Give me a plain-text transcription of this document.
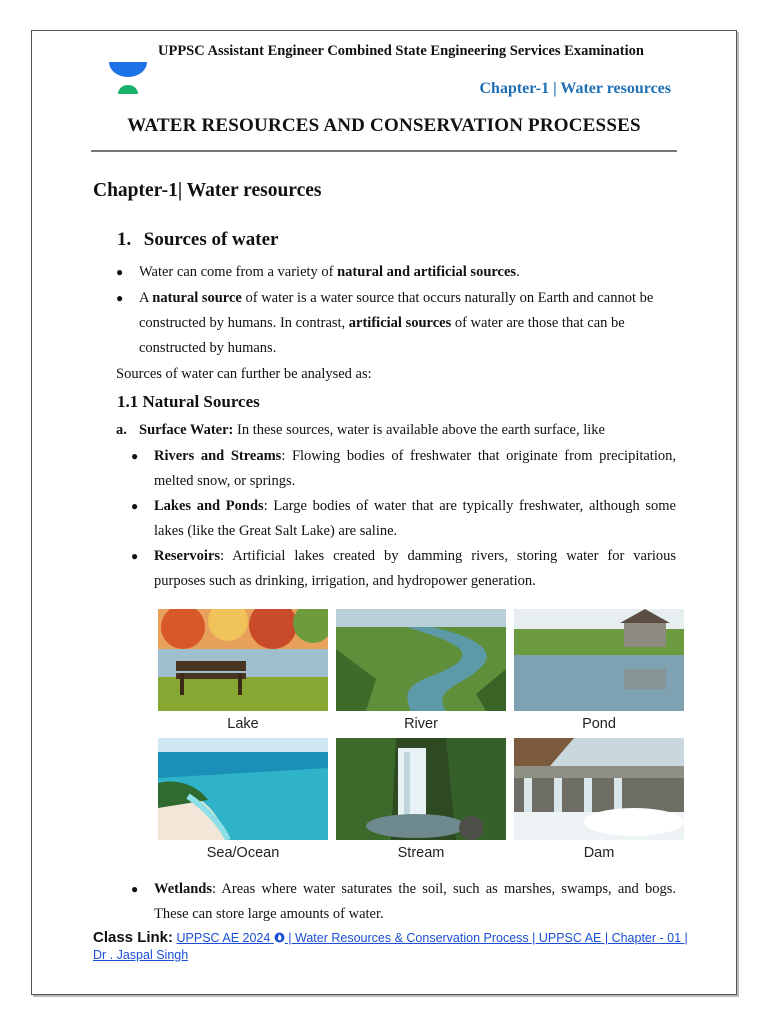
UPPSC Assistant Engineer Combined State Engineering Services Examination
Chapter-1 | Water resources
WATER RESOURCES AND CONSERVATION PROCESSES
Chapter-1| Water resources
1. Sources of water
● Water can come from a variety of natural and artificial sources.
● A natural source of water is a water source that occurs naturally on Earth and cannot be constructed by humans. In contrast, artificial sources of water are those that can be constructed by humans.
Sources of water can further be analysed as:
1.1 Natural Sources
a. Surface Water: In these sources, water is available above the earth surface, like
● Rivers and Streams: Flowing bodies of freshwater that originate from precipitation, melted snow, or springs.
● Lakes and Ponds: Large bodies of water that are typically freshwater, although some lakes (like the Great Salt Lake) are saline.
● Reservoirs: Artificial lakes created by damming rivers, storing water for various purposes such as drinking, irrigation, and hydropower generation.
Lake	River	Pond
Sea/Ocean	Stream	Dam
● Wetlands: Areas where water saturates the soil, such as marshes, swamps, and bogs. These can store large amounts of water.
Class Link: UPPSC AE 2024  | Water Resources & Conservation Process | UPPSC AE | Chapter - 01 | Dr . Jaspal Singh
